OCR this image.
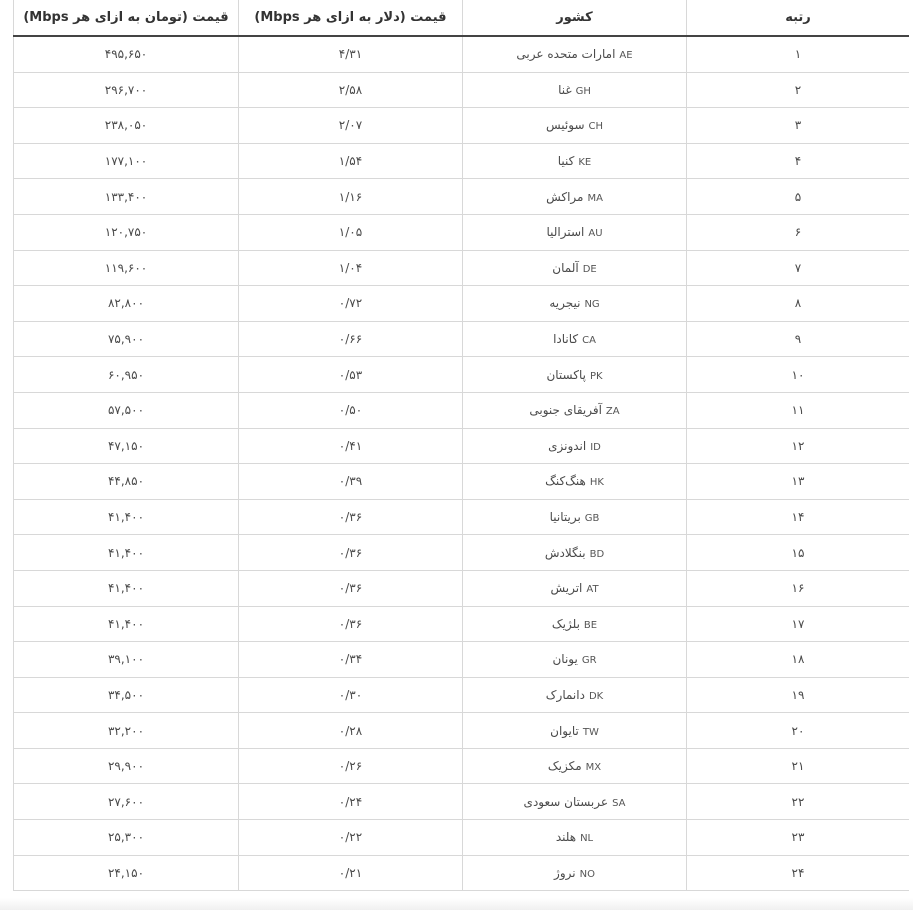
رتبه	کشور	قیمت (دلار به ازای هر Mbps)	قیمت (تومان به ازای هر Mbps)
۱	AEامارات متحده عربی	۴/۳۱	۴۹۵,۶۵۰
۲	GHغنا	۲/۵۸	۲۹۶,۷۰۰
۳	CHسوئیس	۲/۰۷	۲۳۸,۰۵۰
۴	KEکنیا	۱/۵۴	۱۷۷,۱۰۰
۵	MAمراکش	۱/۱۶	۱۳۳,۴۰۰
۶	AUاسترالیا	۱/۰۵	۱۲۰,۷۵۰
۷	DEآلمان	۱/۰۴	۱۱۹,۶۰۰
۸	NGنیجریه	۰/۷۲	۸۲,۸۰۰
۹	CAکانادا	۰/۶۶	۷۵,۹۰۰
۱۰	PKپاکستان	۰/۵۳	۶۰,۹۵۰
۱۱	ZAآفریقای جنوبی	۰/۵۰	۵۷,۵۰۰
۱۲	IDاندونزی	۰/۴۱	۴۷,۱۵۰
۱۳	HKهنگ‌کنگ	۰/۳۹	۴۴,۸۵۰
۱۴	GBبریتانیا	۰/۳۶	۴۱,۴۰۰
۱۵	BDبنگلادش	۰/۳۶	۴۱,۴۰۰
۱۶	ATاتریش	۰/۳۶	۴۱,۴۰۰
۱۷	BEبلژیک	۰/۳۶	۴۱,۴۰۰
۱۸	GRیونان	۰/۳۴	۳۹,۱۰۰
۱۹	DKدانمارک	۰/۳۰	۳۴,۵۰۰
۲۰	TWتایوان	۰/۲۸	۳۲,۲۰۰
۲۱	MXمکزیک	۰/۲۶	۲۹,۹۰۰
۲۲	SAعربستان سعودی	۰/۲۴	۲۷,۶۰۰
۲۳	NLهلند	۰/۲۲	۲۵,۳۰۰
۲۴	NOنروژ	۰/۲۱	۲۴,۱۵۰
